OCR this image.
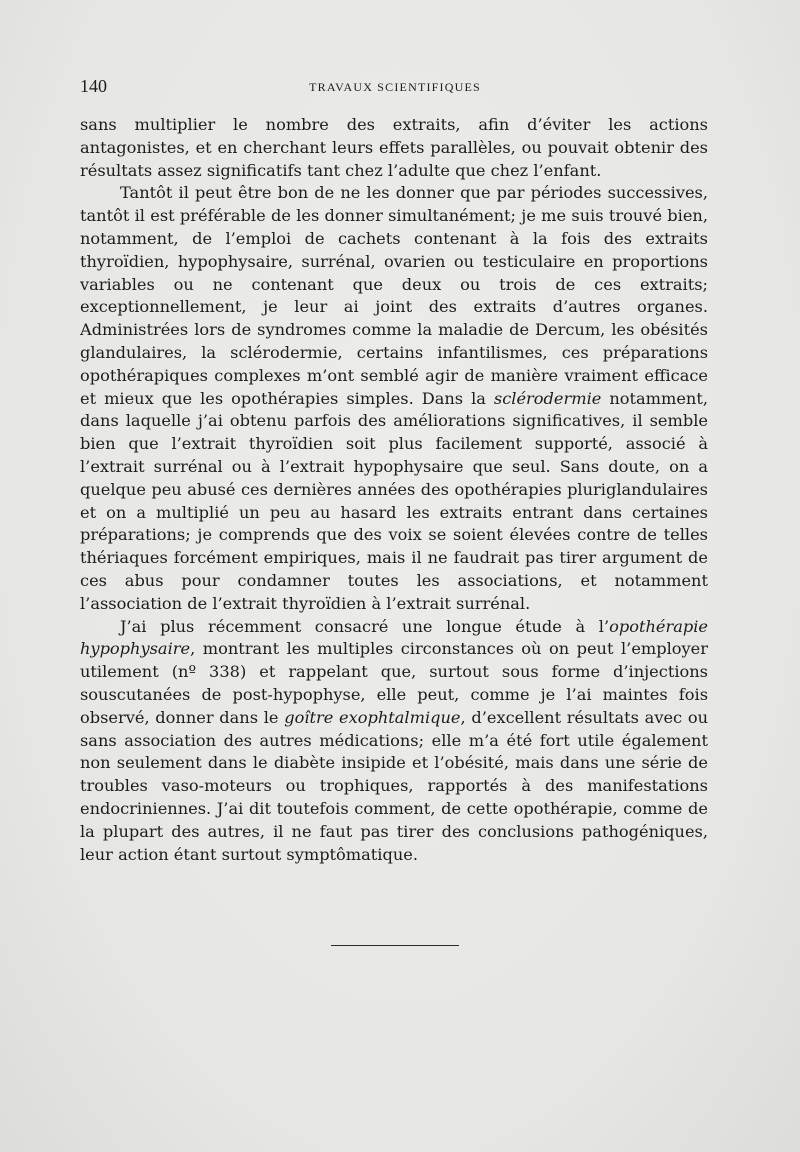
140	TRAVAUX SCIENTIFIQUES

sans multiplier le nombre des extraits, afin d’éviter les actions antagonistes, et en cherchant leurs effets parallèles, ou pouvait obtenir des résultats assez significatifs tant chez l’adulte que chez l’enfant.

Tantôt il peut être bon de ne les donner que par périodes successives, tantôt il est préférable de les donner simultanément; je me suis trouvé bien, notamment, de l’emploi de cachets contenant à la fois des extraits thyroïdien, hypophysaire, surrénal, ovarien ou testiculaire en proportions variables ou ne contenant que deux ou trois de ces extraits; exceptionnellement, je leur ai joint des extraits d’autres organes. Administrées lors de syndromes comme la maladie de Dercum, les obésités glandulaires, la sclérodermie, certains infantilismes, ces préparations opothérapiques complexes m’ont semblé agir de manière vraiment efficace et mieux que les opothérapies simples. Dans la sclérodermie notamment, dans laquelle j’ai obtenu parfois des améliorations significatives, il semble bien que l’extrait thyroïdien soit plus facilement supporté, associé à l’extrait surrénal ou à l’extrait hypophysaire que seul. Sans doute, on a quelque peu abusé ces dernières années des opothérapies pluriglandulaires et on a multiplié un peu au hasard les extraits entrant dans certaines préparations; je comprends que des voix se soient élevées contre de telles thériaques forcément empiriques, mais il ne faudrait pas tirer argument de ces abus pour condamner toutes les associations, et notamment l’association de l’extrait thyroïdien à l’extrait surrénal.

J’ai plus récemment consacré une longue étude à l’opothérapie hypophysaire, montrant les multiples circonstances où on peut l’employer utilement (nº 338) et rappelant que, surtout sous forme d’injections souscutanées de post-hypophyse, elle peut, comme je l’ai maintes fois observé, donner dans le goître exophtalmique, d’excellent résultats avec ou sans association des autres médications; elle m’a été fort utile également non seulement dans le diabète insipide et l’obésité, mais dans une série de troubles vaso-moteurs ou trophiques, rapportés à des manifestations endocriniennes. J’ai dit toutefois comment, de cette opothérapie, comme de la plupart des autres, il ne faut pas tirer des conclusions pathogéniques, leur action étant surtout symptômatique.
